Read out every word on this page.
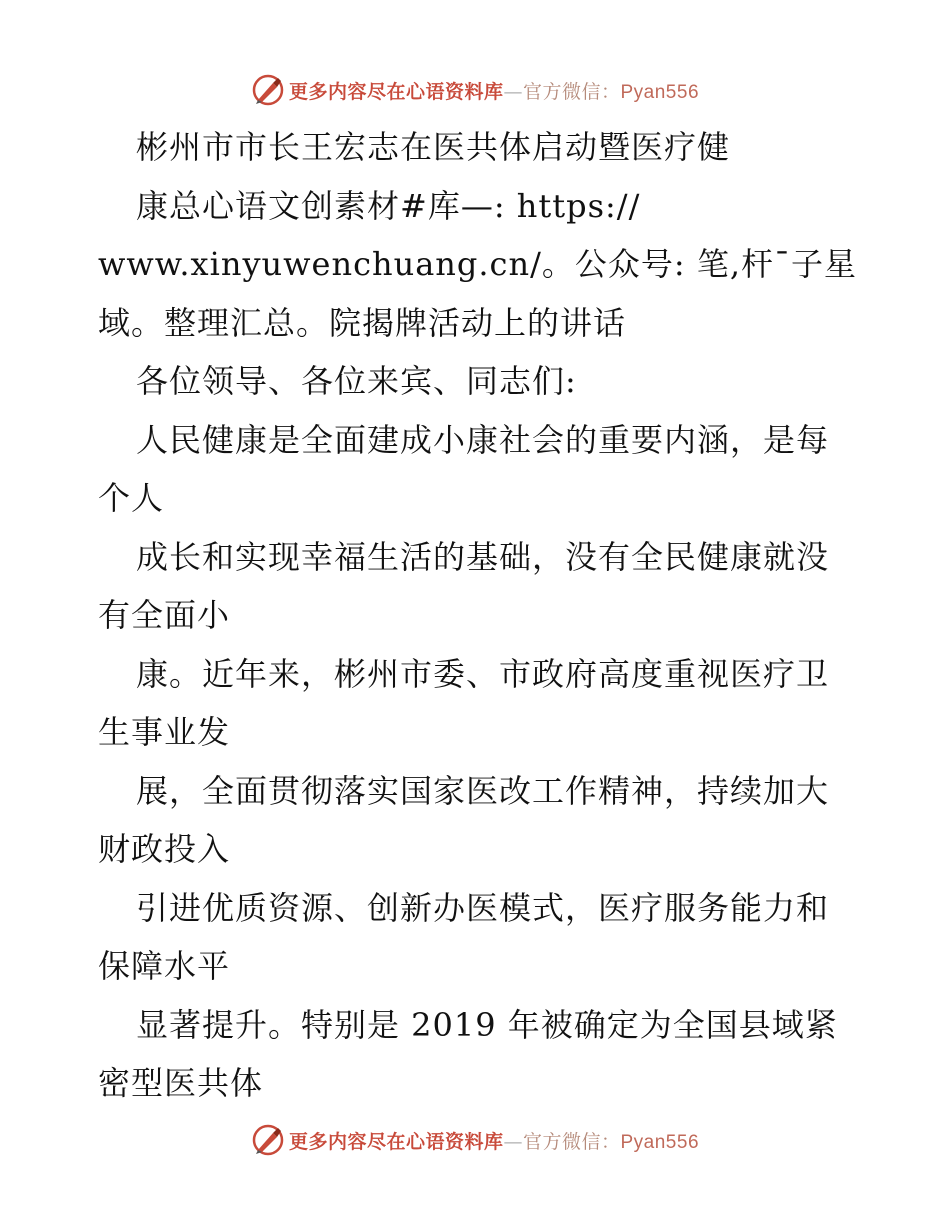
更多内容尽在心语资料库—官方微信：Pyan556
彬州市市长王宏志在医共体启动暨医疗健
康总心语文创素材#库—: https://
www.xinyuwenchuang.cn/。公众号: 笔,杆¯子星
域。整理汇总。院揭牌活动上的讲话
各位领导、各位来宾、同志们:
人民健康是全面建成小康社会的重要内涵，是每
个人
成长和实现幸福生活的基础，没有全民健康就没
有全面小
康。近年来，彬州市委、市政府高度重视医疗卫
生事业发
展，全面贯彻落实国家医改工作精神，持续加大
财政投入
引进优质资源、创新办医模式，医疗服务能力和
保障水平
显著提升。特别是 2019 年被确定为全国县域紧
密型医共体
更多内容尽在心语资料库—官方微信：Pyan556
